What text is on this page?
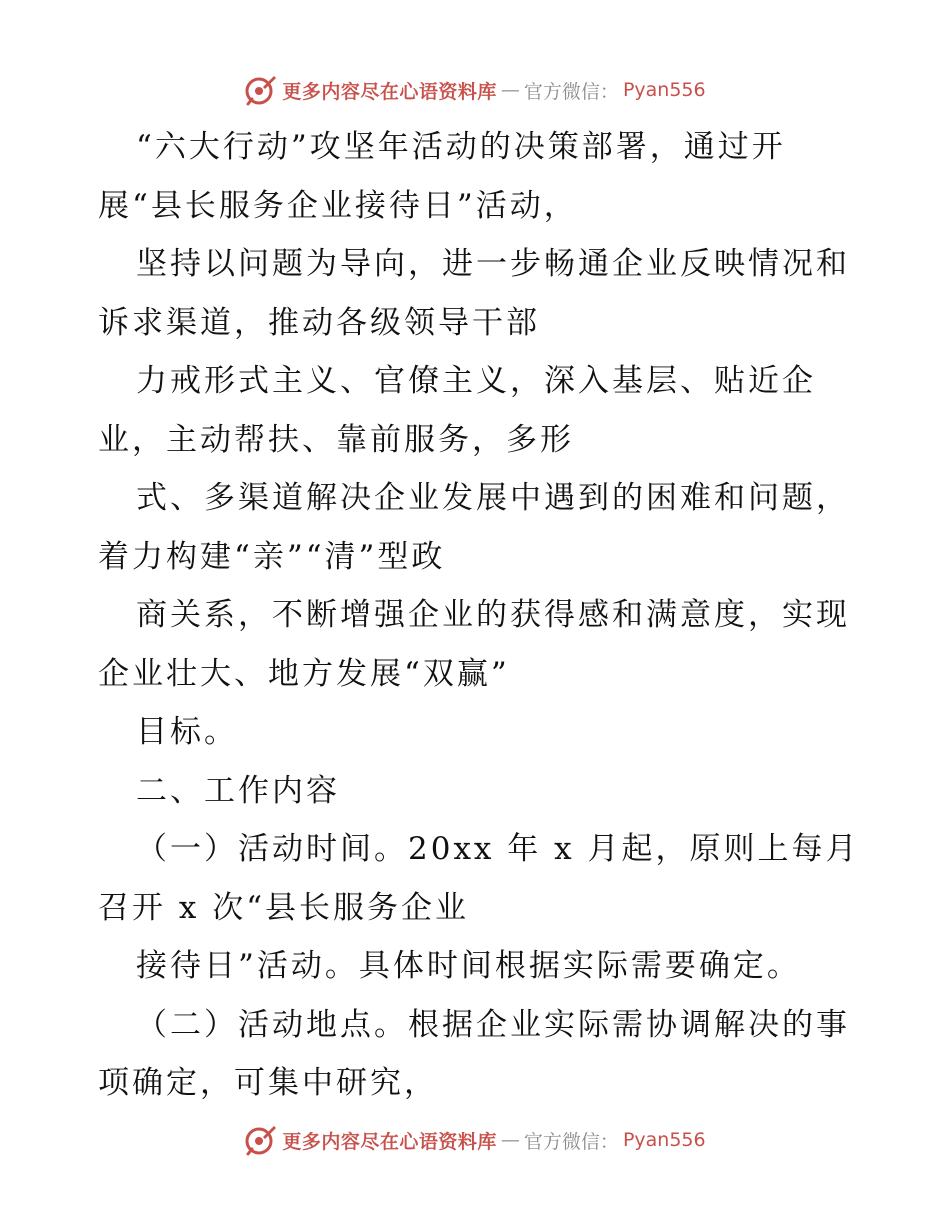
更多内容尽在心语资料库 — 官方微信： Pyan556
“六大行动”攻坚年活动的决策部署，通过开
展“县长服务企业接待日”活动，
坚持以问题为导向，进一步畅通企业反映情况和
诉求渠道，推动各级领导干部
力戒形式主义、官僚主义，深入基层、贴近企
业，主动帮扶、靠前服务，多形
式、多渠道解决企业发展中遇到的困难和问题，
着力构建“亲”“清”型政
商关系，不断增强企业的获得感和满意度，实现
企业壮大、地方发展“双赢”
目标。
二、工作内容
（一）活动时间。20xx 年 x 月起，原则上每月
召开 x 次“县长服务企业
接待日”活动。具体时间根据实际需要确定。
（二）活动地点。根据企业实际需协调解决的事
项确定，可集中研究，
更多内容尽在心语资料库 — 官方微信： Pyan556
